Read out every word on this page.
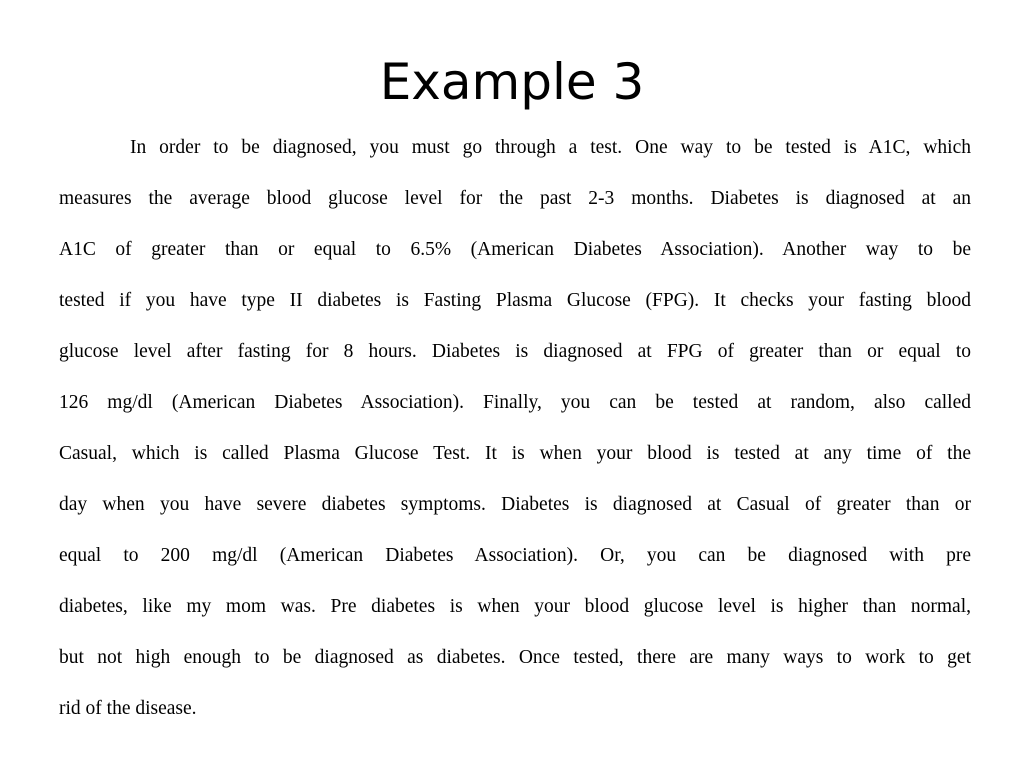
Example 3
In order to be diagnosed, you must go through a test. One way to be tested is A1C, which
measures the average blood glucose level for the past 2-3 months. Diabetes is diagnosed at an
A1C of greater than or equal to 6.5% (American Diabetes Association). Another way to be
tested if you have type II diabetes is Fasting Plasma Glucose (FPG). It checks your fasting blood
glucose level after fasting for 8 hours. Diabetes is diagnosed at FPG of greater than or equal to
126 mg/dl (American Diabetes Association). Finally, you can be tested at random, also called
Casual, which is called Plasma Glucose Test. It is when your blood is tested at any time of the
day when you have severe diabetes symptoms. Diabetes is diagnosed at Casual of greater than or
equal to 200 mg/dl (American Diabetes Association). Or, you can be diagnosed with pre
diabetes, like my mom was. Pre diabetes is when your blood glucose level is higher than normal,
but not high enough to be diagnosed as diabetes. Once tested, there are many ways to work to get
rid of the disease.
